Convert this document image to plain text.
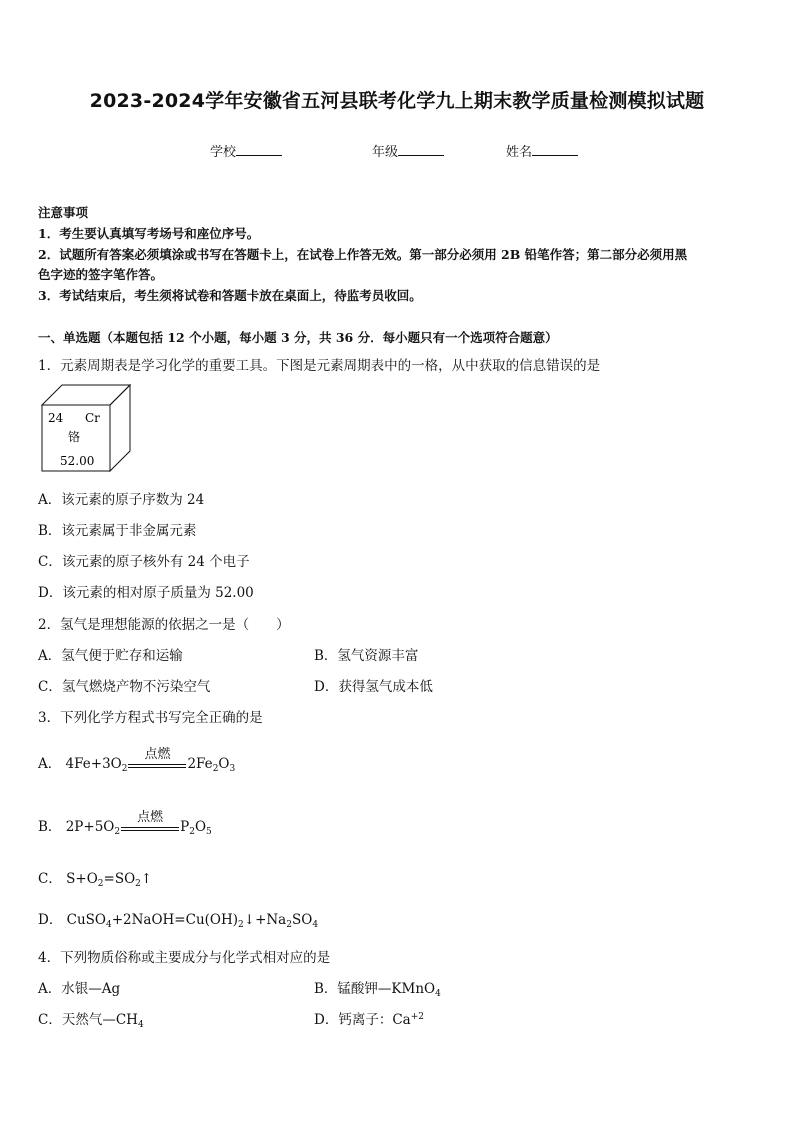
2023-2024学年安徽省五河县联考化学九上期末教学质量检测模拟试题
学校	年级	姓名
注意事项
1．考生要认真填写考场号和座位序号。
2．试题所有答案必须填涂或书写在答题卡上，在试卷上作答无效。第一部分必须用 2B 铅笔作答；第二部分必须用黑
色字迹的签字笔作答。
3．考试结束后，考生须将试卷和答题卡放在桌面上，待监考员收回。
一、单选题（本题包括 12 个小题，每小题 3 分，共 36 分．每小题只有一个选项符合题意）
1．元素周期表是学习化学的重要工具。下图是元素周期表中的一格，从中获取的信息错误的是
24 Cr
铬
52.00
A．该元素的原子序数为 24
B．该元素属于非金属元素
C．该元素的原子核外有 24 个电子
D．该元素的相对原子质量为 52.00
2．氢气是理想能源的依据之一是（　　）
A．氢气便于贮存和运输	B．氢气资源丰富
C．氢气燃烧产物不污染空气	D．获得氢气成本低
3．下列化学方程式书写完全正确的是
A． $4Fe+3O_2$
点燃
$2Fe_2O_3$
B． $2P+5O_2$
点燃
$P_2O_5$
C． $S+O_2=SO_2↑$
D． $CuSO_4+2NaOH=Cu(OH)_2↓+Na_2SO_4$
4．下列物质俗称或主要成分与化学式相对应的是
A．水银—Ag	B．锰酸钾—KMnO$_4$
C．天然气$—CH_4$	D．钙离子：$Ca^{+2}$
